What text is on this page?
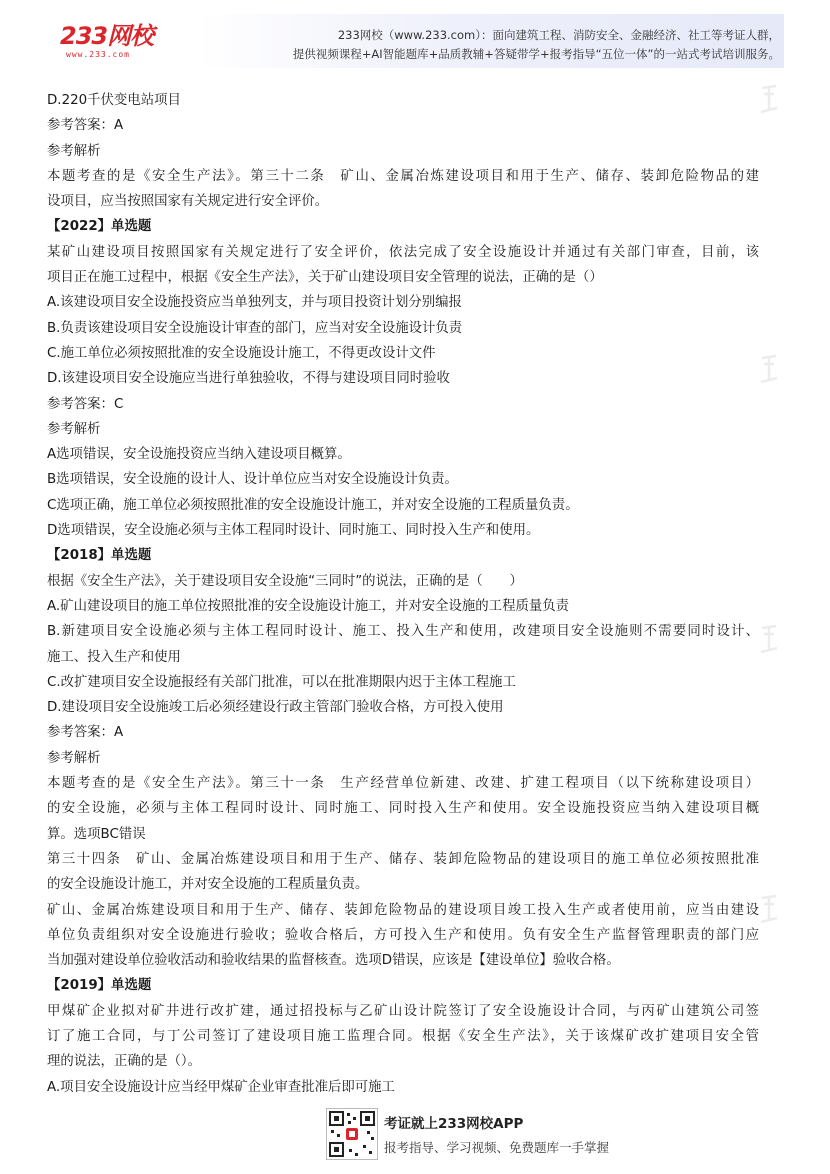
233网校
www.233.com
233网校（www.233.com）：面向建筑工程、消防安全、金融经济、社工等考证人群，
提供视频课程+AI智能题库+品质教辅+答疑带学+报考指导“五位一体”的一站式考试培训服务。
D.220千伏变电站项目
参考答案：A
参考解析
本题考查的是《安全生产法》。第三十二条　矿山、金属冶炼建设项目和用于生产、储存、装卸危险物品的建
设项目，应当按照国家有关规定进行安全评价。
【2022】单选题
某矿山建设项目按照国家有关规定进行了安全评价，依法完成了安全设施设计并通过有关部门审查，目前，该
项目正在施工过程中，根据《安全生产法》，关于矿山建设项目安全管理的说法，正确的是（）
A.该建设项目安全设施投资应当单独列支，并与项目投资计划分别编报
B.负责该建设项目安全设施设计审查的部门，应当对安全设施设计负责
C.施工单位必须按照批准的安全设施设计施工，不得更改设计文件
D.该建设项目安全设施应当进行单独验收，不得与建设项目同时验收
参考答案：C
参考解析
A选项错误，安全设施投资应当纳入建设项目概算。
B选项错误，安全设施的设计人、设计单位应当对安全设施设计负责。
C选项正确，施工单位必须按照批准的安全设施设计施工，并对安全设施的工程质量负责。
D选项错误，安全设施必须与主体工程同时设计、同时施工、同时投入生产和使用。
【2018】单选题
根据《安全生产法》，关于建设项目安全设施“三同时”的说法，正确的是（　　）
A.矿山建设项目的施工单位按照批准的安全设施设计施工，并对安全设施的工程质量负责
B.新建项目安全设施必须与主体工程同时设计、施工、投入生产和使用，改建项目安全设施则不需要同时设计、
施工、投入生产和使用
C.改扩建项目安全设施报经有关部门批准，可以在批准期限内迟于主体工程施工
D.建设项目安全设施竣工后必须经建设行政主管部门验收合格，方可投入使用
参考答案：A
参考解析
本题考查的是《安全生产法》。第三十一条　生产经营单位新建、改建、扩建工程项目（以下统称建设项目）
的安全设施，必须与主体工程同时设计、同时施工、同时投入生产和使用。安全设施投资应当纳入建设项目概
算。选项BC错误
第三十四条　矿山、金属冶炼建设项目和用于生产、储存、装卸危险物品的建设项目的施工单位必须按照批准
的安全设施设计施工，并对安全设施的工程质量负责。
矿山、金属冶炼建设项目和用于生产、储存、装卸危险物品的建设项目竣工投入生产或者使用前，应当由建设
单位负责组织对安全设施进行验收；验收合格后，方可投入生产和使用。负有安全生产监督管理职责的部门应
当加强对建设单位验收活动和验收结果的监督核查。选项D错误，应该是【建设单位】验收合格。
【2019】单选题
甲煤矿企业拟对矿井进行改扩建，通过招投标与乙矿山设计院签订了安全设施设计合同，与丙矿山建筑公司签
订了施工合同，与丁公司签订了建设项目施工监理合同。根据《安全生产法》，关于该煤矿改扩建项目安全管
理的说法，正确的是（）。
A.项目安全设施设计应当经甲煤矿企业审查批准后即可施工
考证就上233网校APP
报考指导、学习视频、免费题库一手掌握
